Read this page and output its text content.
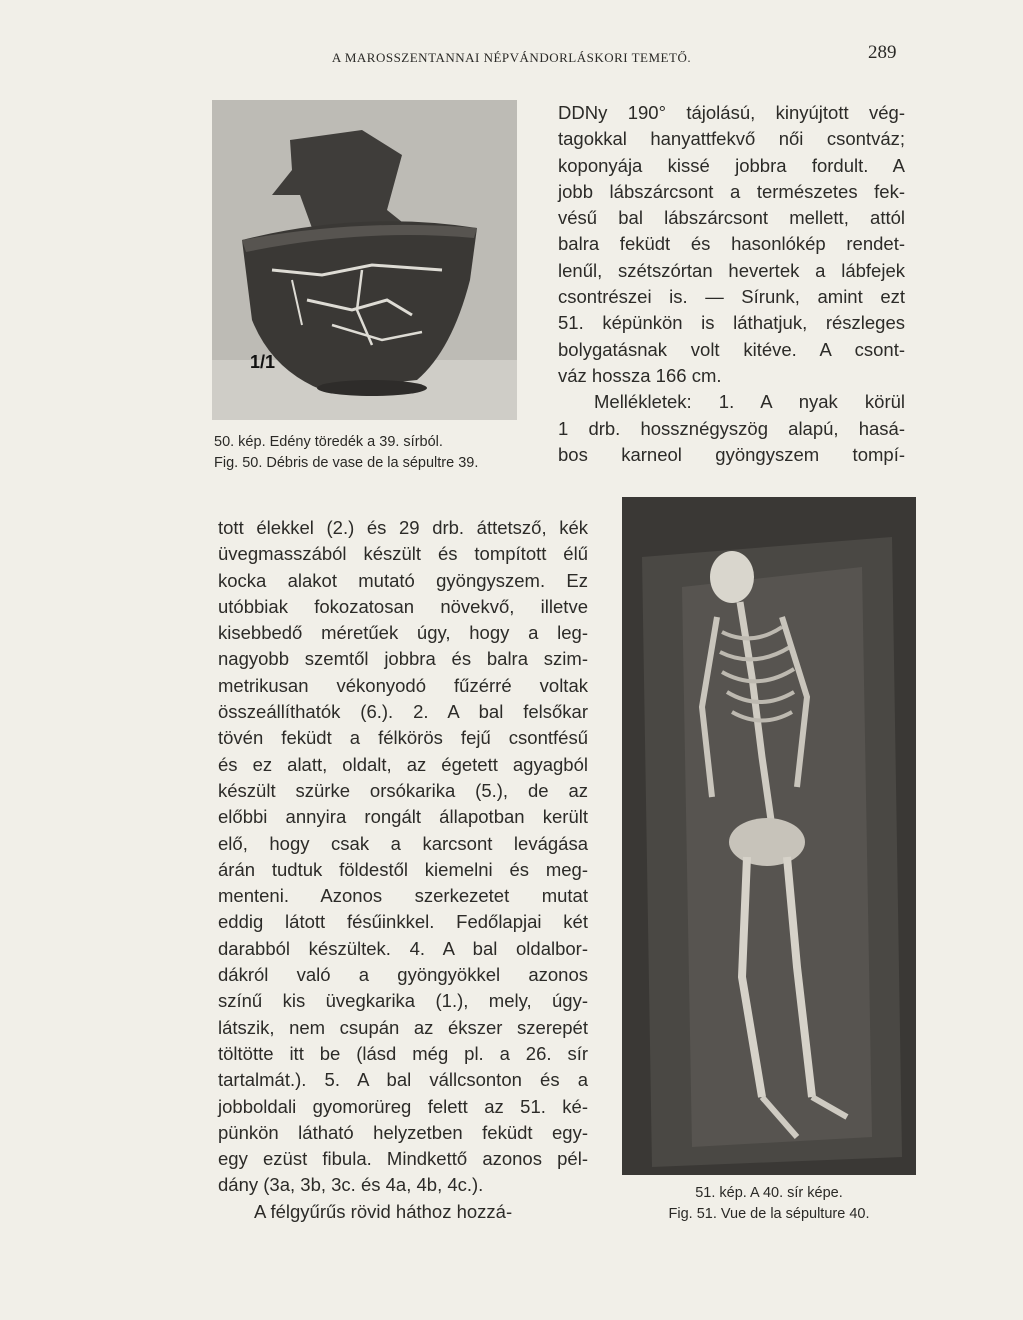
A MAROSSZENTANNAI NÉPVÁNDORLÁSKORI TEMETŐ.	289
1/1
50. kép. Edény töredék a 39. sírból.
Fig. 50. Débris de vase de la sépultre 39.
DDNy 190° tájolású, kinyújtott vég-
tagokkal hanyattfekvő női csontváz;
koponyája kissé jobbra fordult. A
jobb lábszárcsont a természetes fek-
vésű bal lábszárcsont mellett, attól
balra feküdt és hasonlókép rendet-
lenűl, szétszórtan hevertek a lábfejek
csontrészei is. — Sírunk, amint ezt
51. képünkön is láthatjuk, részleges
bolygatásnak volt kitéve. A csont-
váz hossza 166 cm.
Mellékletek: 1. A nyak körül
1 drb. hossznégyszög alapú, hasá-
bos karneol gyöngyszem tompí-
tott élekkel (2.) és 29 drb. áttetsző, kék
üvegmasszából készült és tompított élű
kocka alakot mutató gyöngyszem. Ez
utóbbiak fokozatosan növekvő, illetve
kisebbedő méretűek úgy, hogy a leg-
nagyobb szemtől jobbra és balra szim-
metrikusan vékonyodó fűzérré voltak
összeállíthatók (6.). 2. A bal felsőkar
tövén feküdt a félkörös fejű csontfésű
és ez alatt, oldalt, az égetett agyagból
készült szürke orsókarika (5.), de az
előbbi annyira rongált állapotban került
elő, hogy csak a karcsont levágása
árán tudtuk földestől kiemelni és meg-
menteni. Azonos szerkezetet mutat
eddig látott fésűinkkel. Fedőlapjai két
darabból készültek. 4. A bal oldalbor-
dákról való a gyöngyökkel azonos
színű kis üvegkarika (1.), mely, úgy-
látszik, nem csupán az ékszer szerepét
töltötte itt be (lásd még pl. a 26. sír
tartalmát.). 5. A bal vállcsonton és a
jobboldali gyomorüreg felett az 51. ké-
pünkön látható helyzetben feküdt egy-
egy ezüst fibula. Mindkettő azonos pél-
dány (3a, 3b, 3c. és 4a, 4b, 4c.).
A félgyűrűs rövid háthoz hozzá-
51. kép. A 40. sír képe.
Fig. 51. Vue de la sépulture 40.
